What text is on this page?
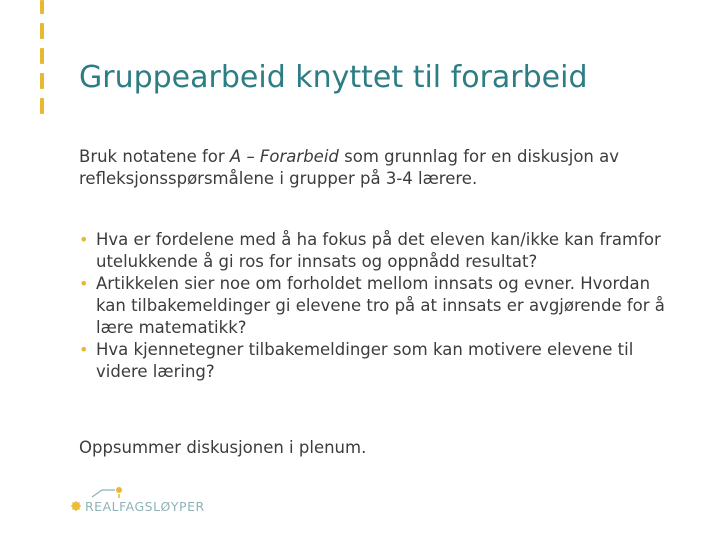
Gruppearbeid knyttet til forarbeid
Bruk notatene for A – Forarbeid som grunnlag for en diskusjon av refleksjonsspørsmålene i grupper på 3-4 lærere.
• Hva er fordelene med å ha fokus på det eleven kan/ikke kan framfor utelukkende å gi ros for innsats og oppnådd resultat?
• Artikkelen sier noe om forholdet mellom innsats og evner. Hvordan kan tilbakemeldinger gi elevene tro på at innsats er avgjørende for å lære matematikk?
• Hva kjennetegner tilbakemeldinger som kan motivere elevene til videre læring?
Oppsummer diskusjonen i plenum.
REALFAGSLØYPER
